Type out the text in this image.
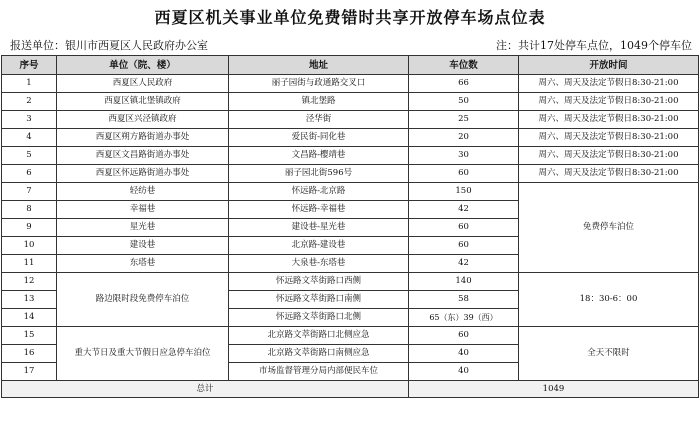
西夏区机关事业单位免费错时共享开放停车场点位表
报送单位：银川市西夏区人民政府办公室	注：共计17处停车点位，1049个停车位
序号	单位（院、楼）	地址	车位数	开放时间
1	西夏区人民政府	丽子园街与政通路交叉口	66	周六、周天及法定节假日8:30-21:00
2	西夏区镇北堡镇政府	镇北堡路	50	周六、周天及法定节假日8:30-21:00
3	西夏区兴泾镇政府	泾华街	25	周六、周天及法定节假日8:30-21:00
4	西夏区朔方路街道办事处	爱民街-同化巷	20	周六、周天及法定节假日8:30-21:00
5	西夏区文昌路街道办事处	文昌路-樱靖巷	30	周六、周天及法定节假日8:30-21:00
6	西夏区怀远路街道办事处	丽子园北街596号	60	周六、周天及法定节假日8:30-21:00
7	轻纺巷	怀远路-北京路	150	免费停车泊位
8	幸福巷	怀远路-幸福巷	42	
9	星光巷	建设巷-星光巷	60	
10	建设巷	北京路-建设巷	60	
11	东塔巷	大泉巷-东塔巷	42	
12	路边限时段免费停车泊位	怀远路文萃街路口西侧	140	18：30-6：00
13		怀远路文萃街路口南侧	58	
14		怀远路文萃街路口北侧	65（东）39（西）	
15	重大节日及重大节假日应急停车泊位	北京路文萃街路口北侧应急	60	全天不限时
16		北京路文萃街路口南侧应急	40	
17		市场监督管理分局内部便民车位	40	
总计			1049	
